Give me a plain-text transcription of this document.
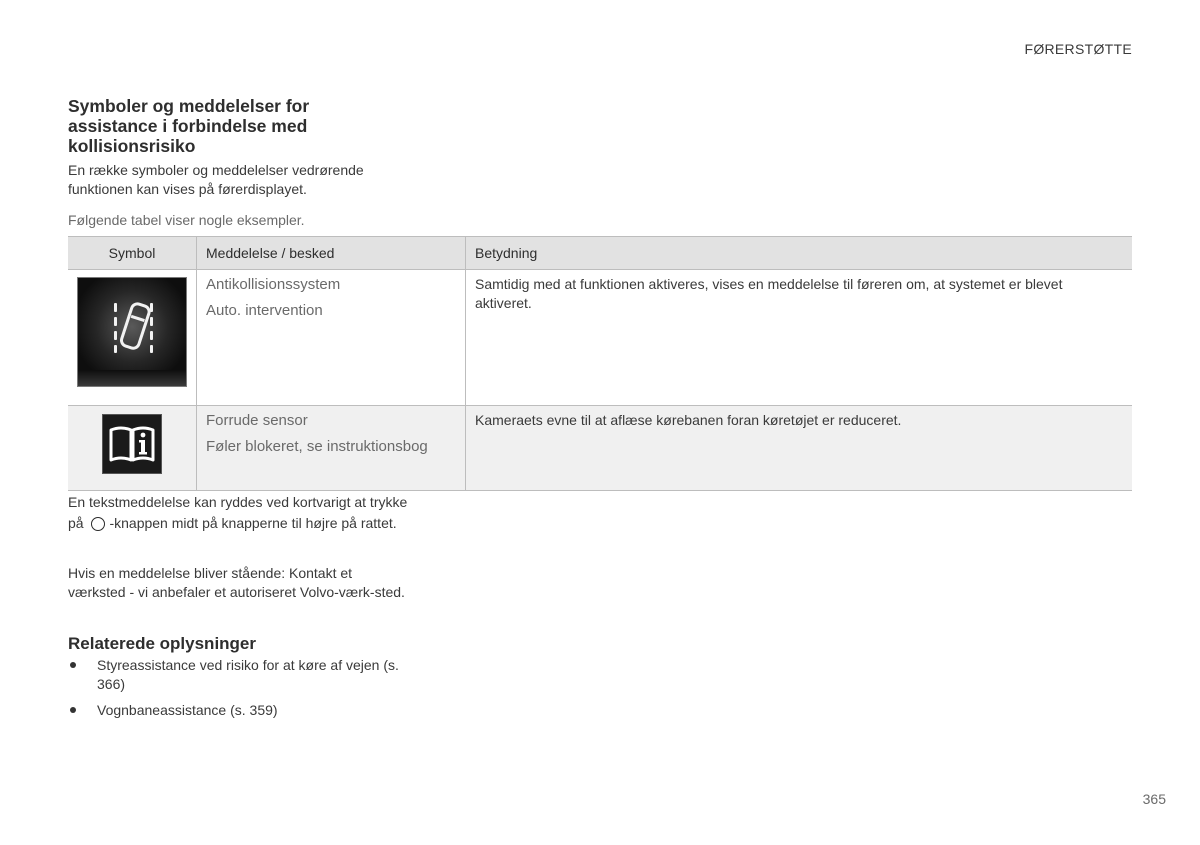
FØRERSTØTTE
Symboler og meddelelser for assistance i forbindelse med kollisionsrisiko

En række symboler og meddelelser vedrørende funktionen kan vises på førerdisplayet.

Følgende tabel viser nogle eksempler.

Symbol	Meddelelse / besked	Betydning

Antikollisionssystem
Auto. intervention	Samtidig med at funktionen aktiveres, vises en meddelelse til føreren om, at systemet er blevet aktiveret.

Forrude sensor
Føler blokeret, se instruktionsbog	Kameraets evne til at aflæse kørebanen foran køretøjet er reduceret.

En tekstmeddelelse kan ryddes ved kortvarigt at trykke på -knappen midt på knapperne til højre på rattet.

Hvis en meddelelse bliver stående: Kontakt et værksted - vi anbefaler et autoriseret Volvo-værk-sted.

Relaterede oplysninger
Styreassistance ved risiko for at køre af vejen (s. 366)
Vognbaneassistance (s. 359)
365
